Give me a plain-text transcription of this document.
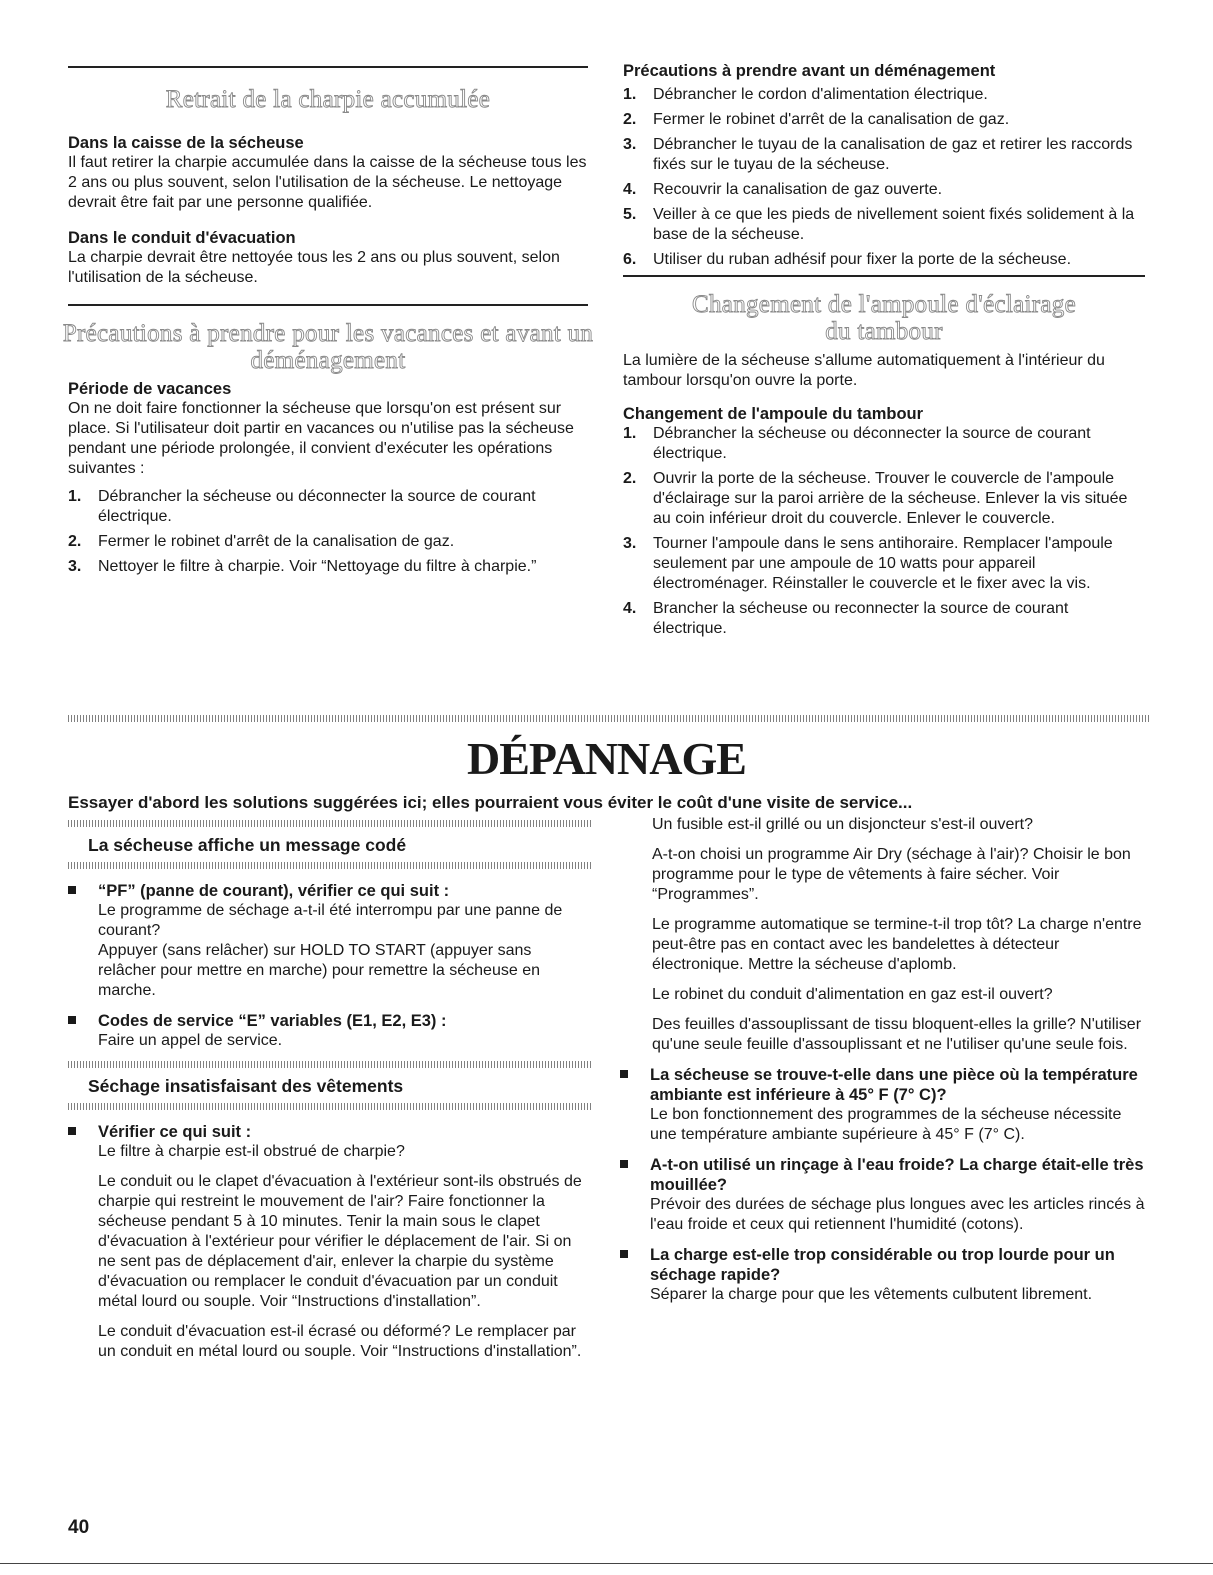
Retrait de la charpie accumulée
Dans la caisse de la sécheuse

Il faut retirer la charpie accumulée dans la caisse de la sécheuse tous les 2 ans ou plus souvent, selon l'utilisation de la sécheuse. Le nettoyage devrait être fait par une personne qualifiée.

Dans le conduit d'évacuation

La charpie devrait être nettoyée tous les 2 ans ou plus souvent, selon l'utilisation de la sécheuse.

Précautions à prendre pour les vacances et avant un
déménagement
Période de vacances

On ne doit faire fonctionner la sécheuse que lorsqu'on est présent sur place. Si l'utilisateur doit partir en vacances ou n'utilise pas la sécheuse pendant une période prolongée, il convient d'exécuter les opérations suivantes :

1. Débrancher la sécheuse ou déconnecter la source de courant électrique.
2. Fermer le robinet d'arrêt de la canalisation de gaz.
3. Nettoyer le filtre à charpie. Voir “Nettoyage du filtre à charpie.”
Précautions à prendre avant un déménagement
1. Débrancher le cordon d'alimentation électrique.
2. Fermer le robinet d'arrêt de la canalisation de gaz.
3. Débrancher le tuyau de la canalisation de gaz et retirer les raccords fixés sur le tuyau de la sécheuse.
4. Recouvrir la canalisation de gaz ouverte.
5. Veiller à ce que les pieds de nivellement soient fixés solidement à la base de la sécheuse.
6. Utiliser du ruban adhésif pour fixer la porte de la sécheuse.
Changement de l'ampoule d'éclairage
du tambour

La lumière de la sécheuse s'allume automatiquement à l'intérieur du tambour lorsqu'on ouvre la porte.

Changement de l'ampoule du tambour
1. Débrancher la sécheuse ou déconnecter la source de courant électrique.
2. Ouvrir la porte de la sécheuse. Trouver le couvercle de l'ampoule d'éclairage sur la paroi arrière de la sécheuse. Enlever la vis située au coin inférieur droit du couvercle. Enlever le couvercle.
3. Tourner l'ampoule dans le sens antihoraire. Remplacer l'ampoule seulement par une ampoule de 10 watts pour appareil électroménager. Réinstaller le couvercle et le fixer avec la vis.
4. Brancher la sécheuse ou reconnecter la source de courant électrique.
DÉPANNAGE
Essayer d'abord les solutions suggérées ici; elles pourraient vous éviter le coût d'une visite de service...
La sécheuse affiche un message codé
“PF” (panne de courant), vérifier ce qui suit :

Le programme de séchage a-t-il été interrompu par une panne de courant?

Appuyer (sans relâcher) sur HOLD TO START (appuyer sans relâcher pour mettre en marche) pour remettre la sécheuse en marche.

Codes de service “E” variables (E1, E2, E3) :

Faire un appel de service.

Séchage insatisfaisant des vêtements
Vérifier ce qui suit :

Le filtre à charpie est-il obstrué de charpie?

Le conduit ou le clapet d'évacuation à l'extérieur sont-ils obstrués de charpie qui restreint le mouvement de l'air? Faire fonctionner la sécheuse pendant 5 à 10 minutes. Tenir la main sous le clapet d'évacuation à l'extérieur pour vérifier le déplacement de l'air. Si on ne sent pas de déplacement d'air, enlever la charpie du système d'évacuation ou remplacer le conduit d'évacuation par un conduit métal lourd ou souple. Voir “Instructions d'installation”.

Le conduit d'évacuation est-il écrasé ou déformé? Le remplacer par un conduit en métal lourd ou souple. Voir “Instructions d'installation”.

Un fusible est-il grillé ou un disjoncteur s'est-il ouvert?

A-t-on choisi un programme Air Dry (séchage à l'air)? Choisir le bon programme pour le type de vêtements à faire sécher. Voir “Programmes”.

Le programme automatique se termine-t-il trop tôt? La charge n'entre peut-être pas en contact avec les bandelettes à détecteur électronique. Mettre la sécheuse d'aplomb.

Le robinet du conduit d'alimentation en gaz est-il ouvert?

Des feuilles d'assouplissant de tissu bloquent-elles la grille? N'utiliser qu'une seule feuille d'assouplissant et ne l'utiliser qu'une seule fois.

La sécheuse se trouve-t-elle dans une pièce où la température ambiante est inférieure à 45° F (7° C)?

Le bon fonctionnement des programmes de la sécheuse nécessite une température ambiante supérieure à 45° F (7° C).

A-t-on utilisé un rinçage à l'eau froide? La charge était-elle très mouillée?

Prévoir des durées de séchage plus longues avec les articles rincés à l'eau froide et ceux qui retiennent l'humidité (cotons).

La charge est-elle trop considérable ou trop lourde pour un séchage rapide?

Séparer la charge pour que les vêtements culbutent librement.

40
